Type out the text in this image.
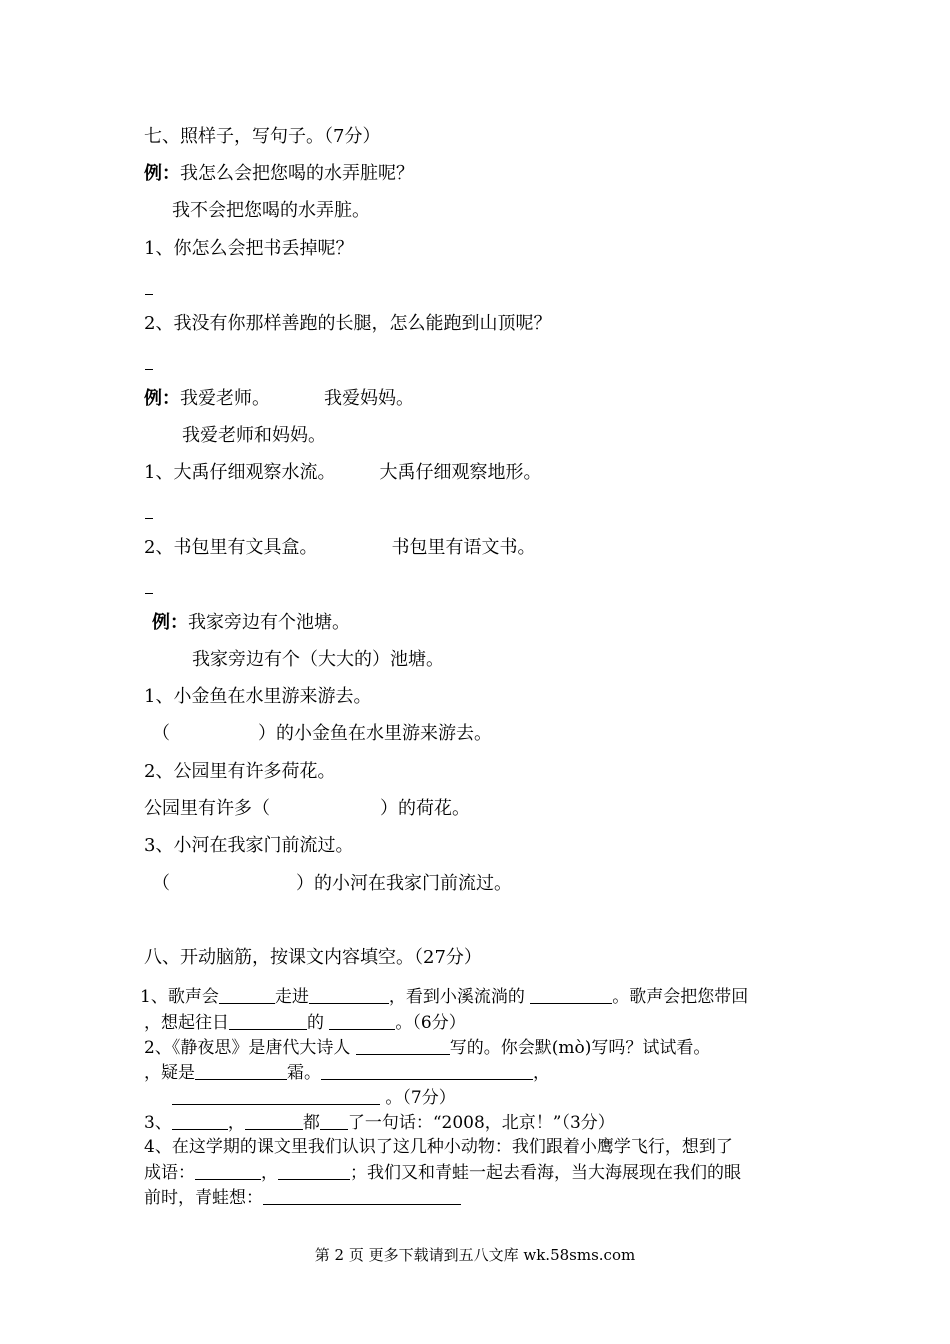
七、照样子，写句子。（7分）
例：我怎么会把您喝的水弄脏呢？
我不会把您喝的水弄脏。
1、你怎么会把书丢掉呢？
2、我没有你那样善跑的长腿，怎么能跑到山顶呢？
例：我爱老师。	我爱妈妈。
我爱老师和妈妈。
1、大禹仔细观察水流。 大禹仔细观察地形。
2、书包里有文具盒。	书包里有语文书。
例：我家旁边有个池塘。
我家旁边有个（大大的）池塘。
1、小金鱼在水里游来游去。
（	）的小金鱼在水里游来游去。
2、公园里有许多荷花。
公园里有许多（	）的荷花。
3、小河在我家门前流过。
（	）的小河在我家门前流过。
八、开动脑筋，按课文内容填空。（27分）
1、歌声会	走进	，看到小溪流淌的	。歌声会把您带回
，想起往日	的	。（6分）
2、《静夜思》是唐代大诗人	写的。你会默(mò)写吗？试试看。
，疑是	霜。	，
。（7分）
3、	，	都 了一句话：“2008，北京！”（3分）
4、在这学期的课文里我们认识了这几种小动物：我们跟着小鹰学飞行，想到了
成语：	，	；我们又和青蛙一起去看海，当大海展现在我们的眼
前时，青蛙想：
第 2 页 更多下载请到五八文库 wk.58sms.com
